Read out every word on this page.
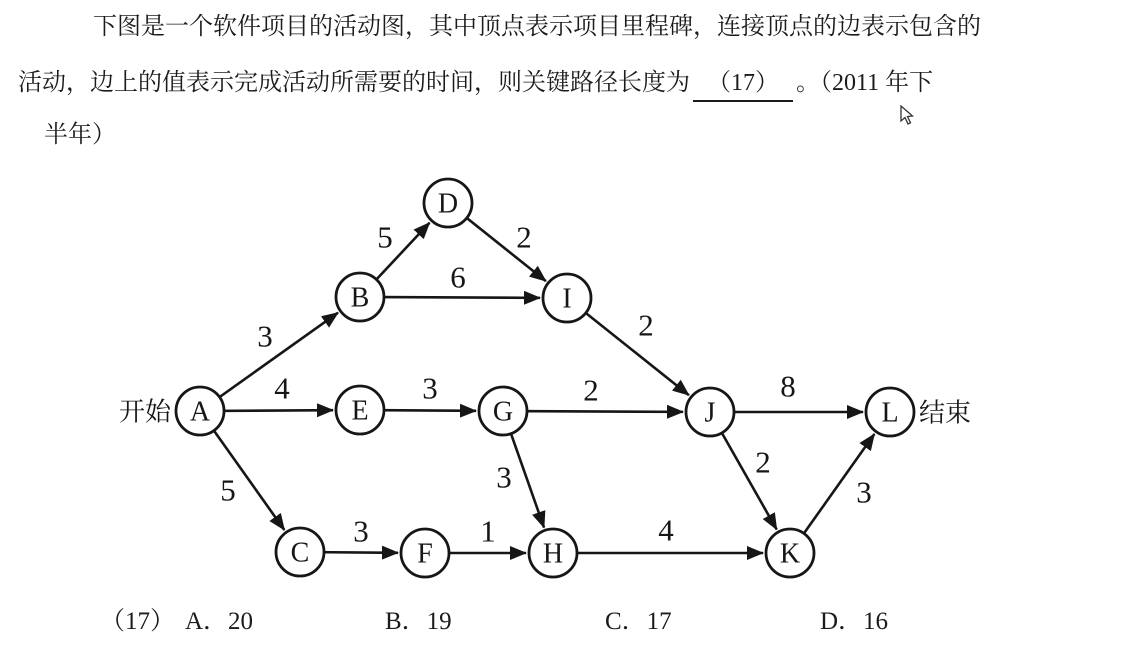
下图是一个软件项目的活动图，其中顶点表示项目里程碑，连接顶点的边表示包含的
活动，边上的值表示完成活动所需要的时间，则关键路径长度为 （17） 。（2011 年下
半年）
3
5	2
6
2
4	3	2	8
5
3	1
3
4
2
3
A
B
C
D
E
F
G
H
I
J
K
L
开始	结束
（17） A．20	B．19	C．17	D．16
